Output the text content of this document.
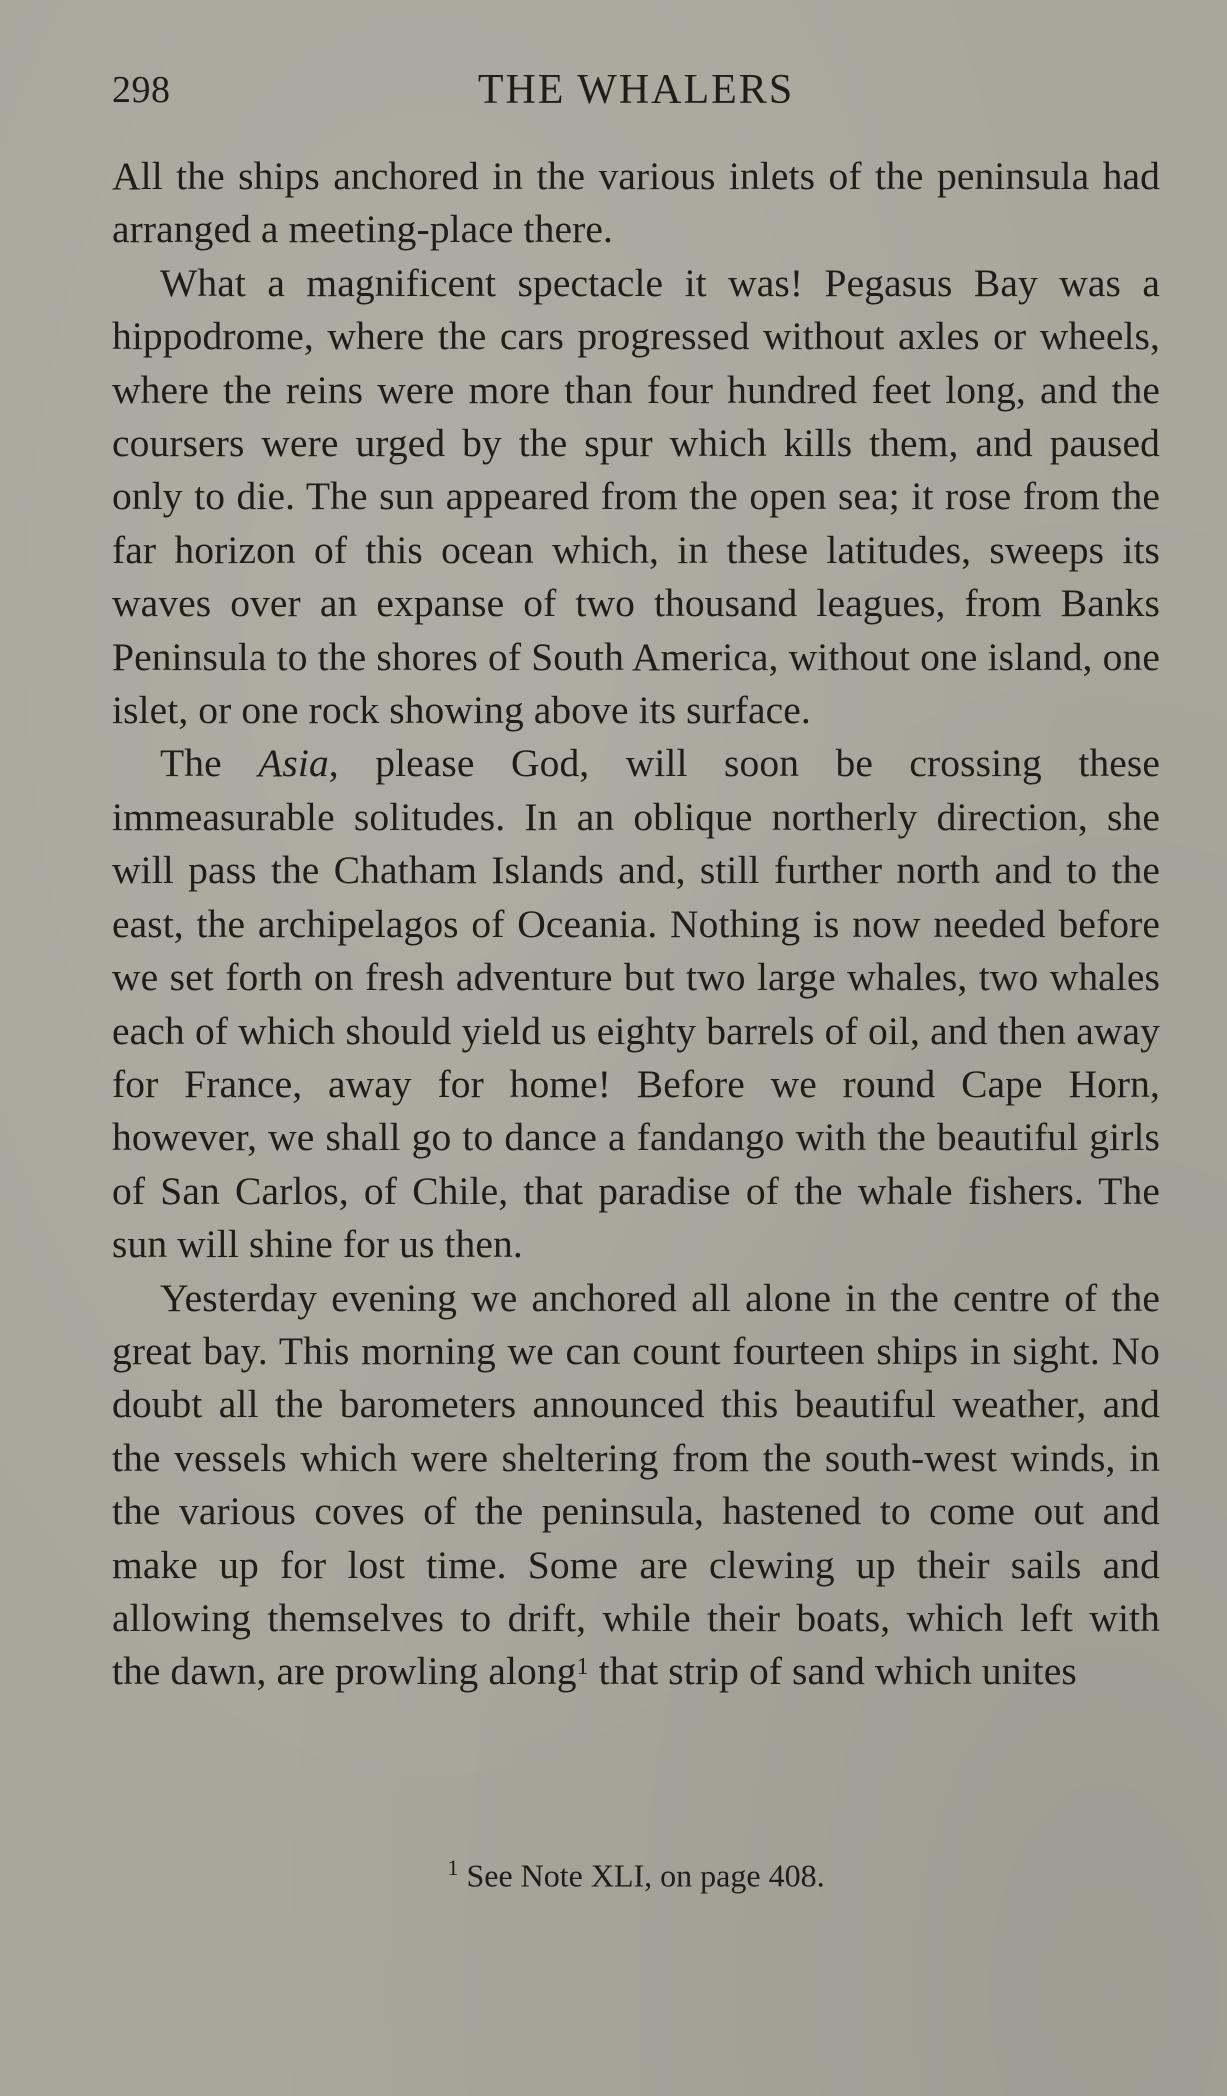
298	THE WHALERS

All the ships anchored in the various inlets of the peninsula had arranged a meeting-place there.

What a magnificent spectacle it was! Pegasus Bay was a hippodrome, where the cars progressed without axles or wheels, where the reins were more than four hundred feet long, and the coursers were urged by the spur which kills them, and paused only to die. The sun appeared from the open sea; it rose from the far horizon of this ocean which, in these latitudes, sweeps its waves over an expanse of two thousand leagues, from Banks Peninsula to the shores of South America, without one island, one islet, or one rock showing above its surface.

The Asia, please God, will soon be crossing these immeasurable solitudes. In an oblique northerly direction, she will pass the Chatham Islands and, still further north and to the east, the archipelagos of Oceania. Nothing is now needed before we set forth on fresh adventure but two large whales, two whales each of which should yield us eighty barrels of oil, and then away for France, away for home! Before we round Cape Horn, however, we shall go to dance a fandango with the beautiful girls of San Carlos, of Chile, that paradise of the whale fishers. The sun will shine for us then.

Yesterday evening we anchored all alone in the centre of the great bay. This morning we can count fourteen ships in sight. No doubt all the barometers announced this beautiful weather, and the vessels which were sheltering from the south-west winds, in the various coves of the peninsula, hastened to come out and make up for lost time. Some are clewing up their sails and allowing themselves to drift, while their boats, which left with the dawn, are prowling along$^1$ that strip of sand which unites

$^1$ See Note XLI, on page 408.
